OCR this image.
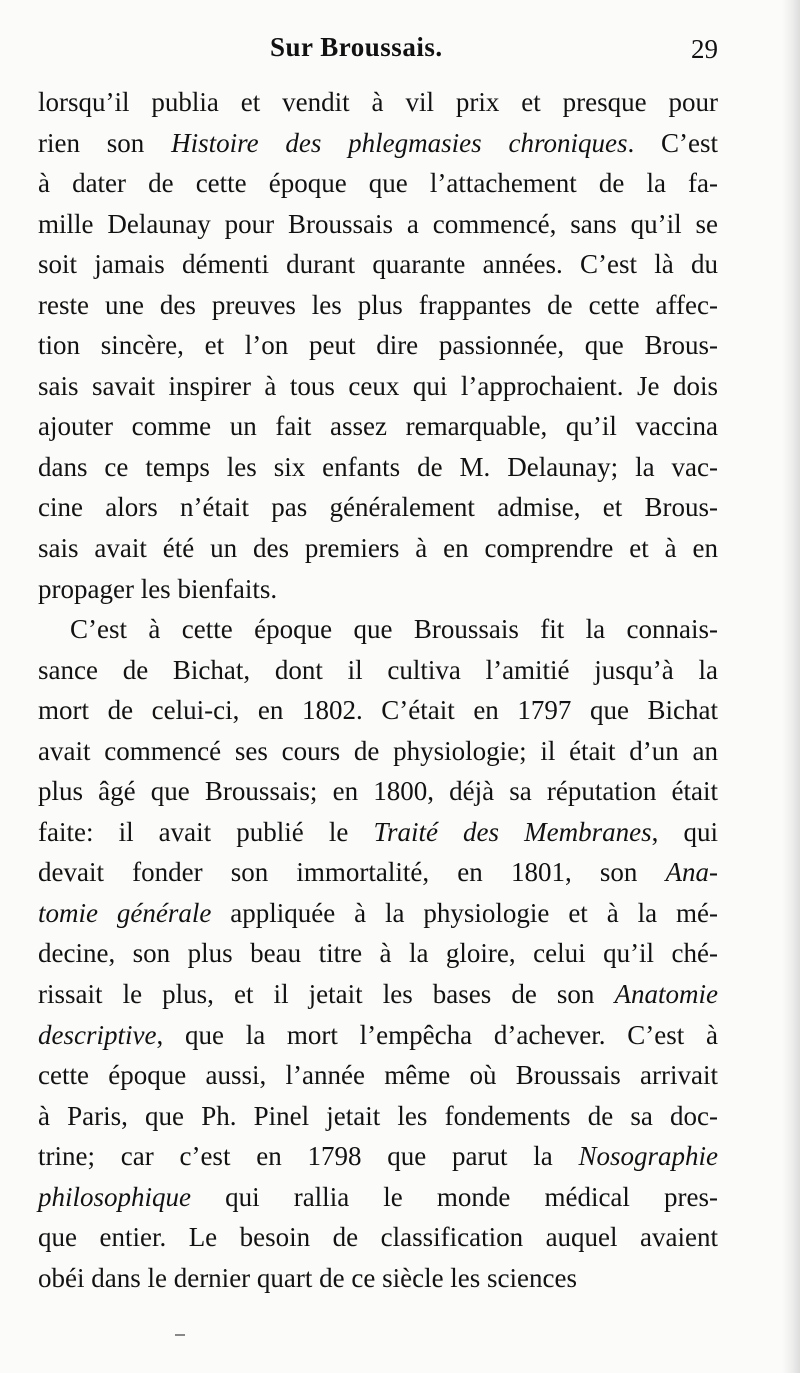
Sur Broussais.	29
lorsqu’il publia et vendit à vil prix et presque pour
rien son Histoire des phlegmasies chroniques. C’est
à dater de cette époque que l’attachement de la fa-
mille Delaunay pour Broussais a commencé, sans qu’il se
soit jamais démenti durant quarante années. C’est là du
reste une des preuves les plus frappantes de cette affec-
tion sincère, et l’on peut dire passionnée, que Brous-
sais savait inspirer à tous ceux qui l’approchaient. Je dois
ajouter comme un fait assez remarquable, qu’il vaccina
dans ce temps les six enfants de M. Delaunay; la vac-
cine alors n’était pas généralement admise, et Brous-
sais avait été un des premiers à en comprendre et à en
propager les bienfaits.
C’est à cette époque que Broussais fit la connais-
sance de Bichat, dont il cultiva l’amitié jusqu’à la
mort de celui-ci, en 1802. C’était en 1797 que Bichat
avait commencé ses cours de physiologie; il était d’un an
plus âgé que Broussais; en 1800, déjà sa réputation était
faite: il avait publié le Traité des Membranes, qui
devait fonder son immortalité, en 1801, son Ana-
tomie générale appliquée à la physiologie et à la mé-
decine, son plus beau titre à la gloire, celui qu’il ché-
rissait le plus, et il jetait les bases de son Anatomie
descriptive, que la mort l’empêcha d’achever. C’est à
cette époque aussi, l’année même où Broussais arrivait
à Paris, que Ph. Pinel jetait les fondements de sa doc-
trine; car c’est en 1798 que parut la Nosographie
philosophique qui rallia le monde médical pres-
que entier. Le besoin de classification auquel avaient
obéi dans le dernier quart de ce siècle les sciences
